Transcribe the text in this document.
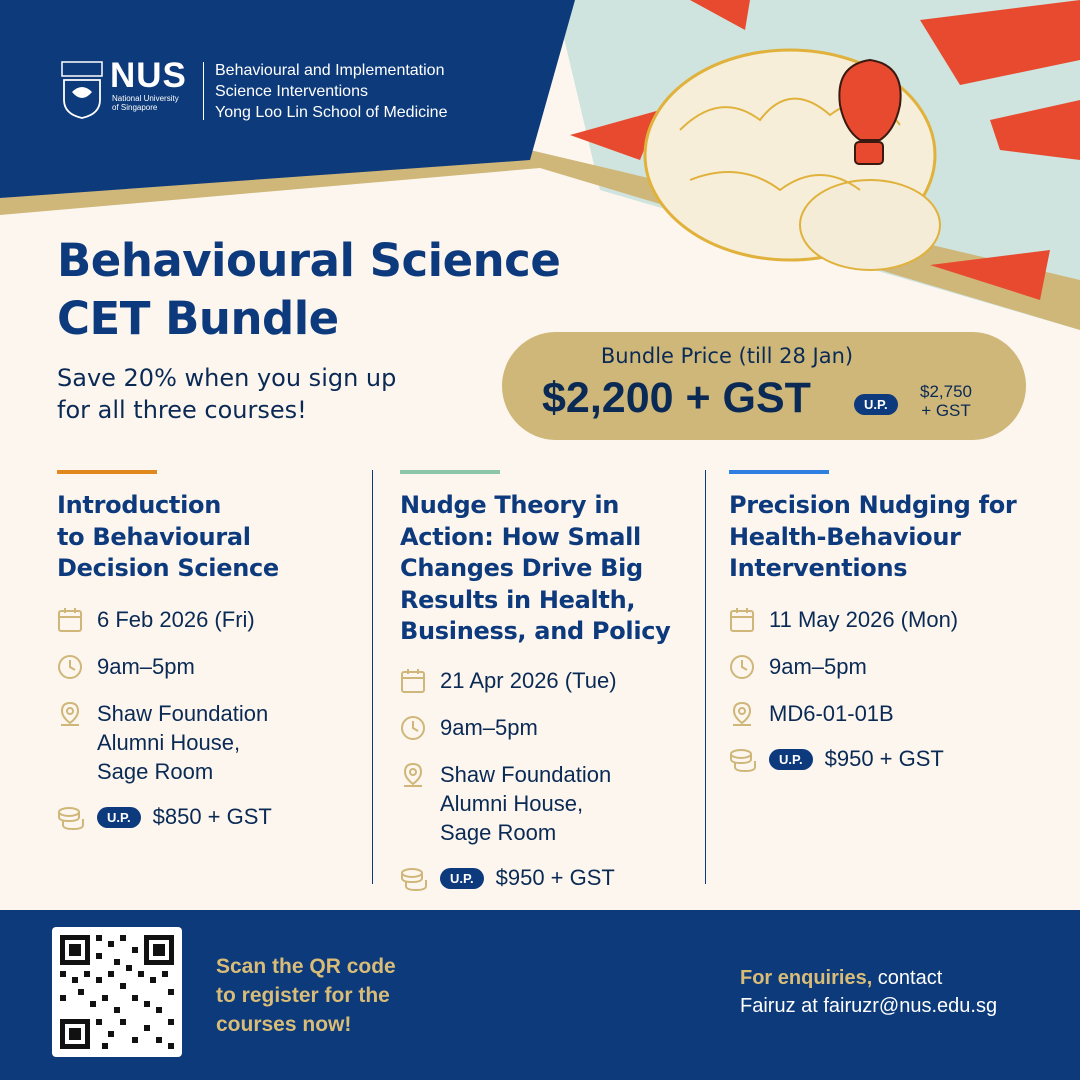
NUS
National University
of Singapore
Behavioural and Implementation
Science Interventions
Yong Loo Lin School of Medicine
Behavioural Science
CET Bundle
Save 20% when you sign up
for all three courses!
Bundle Price (till 28 Jan)
$2,200 + GST	U.P.
$2,750
+ GST
Introduction
to Behavioural
Decision Science
6 Feb 2026 (Fri)
9am–5pm
Shaw Foundation
Alumni House,
Sage Room
U.P. $850 + GST
Nudge Theory in
Action: How Small
Changes Drive Big
Results in Health,
Business, and Policy
21 Apr 2026 (Tue)
9am–5pm
Shaw Foundation
Alumni House,
Sage Room
U.P. $950 + GST
Precision Nudging for
Health-Behaviour
Interventions
11 May 2026 (Mon)
9am–5pm
MD6-01-01B
U.P. $950 + GST
Scan the QR code
to register for the
courses now!
For enquiries, contact
Fairuz at fairuzr@nus.edu.sg
